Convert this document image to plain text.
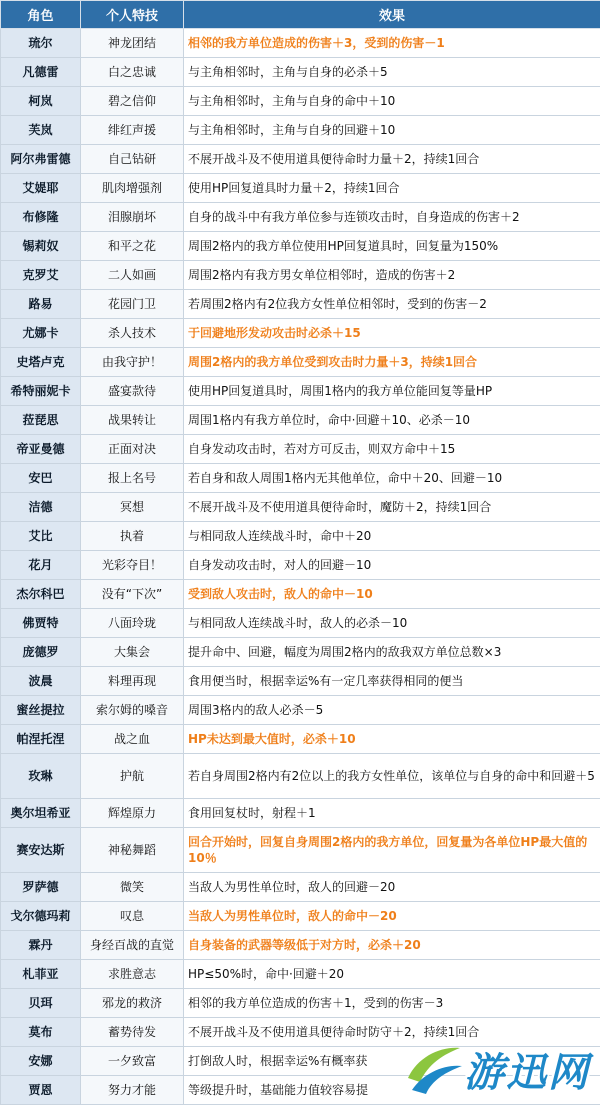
角色	个人特技	效果
琉尔	神龙团结	相邻的我方单位造成的伤害＋3，受到的伤害－1
凡德雷	白之忠诚	与主角相邻时，主角与自身的必杀＋5
柯岚	碧之信仰	与主角相邻时，主角与自身的命中＋10
芙岚	绯红声援	与主角相邻时，主角与自身的回避＋10
阿尔弗雷德	自己钻研	不展开战斗及不使用道具便待命时力量＋2，持续1回合
艾媞耶	肌肉增强剂	使用HP回复道具时力量＋2，持续1回合
布修隆	泪腺崩坏	自身的战斗中有我方单位参与连锁攻击时，自身造成的伤害＋2
锡莉奴	和平之花	周围2格内的我方单位使用HP回复道具时，回复量为150%
克罗艾	二人如画	周围2格内有我方男女单位相邻时，造成的伤害＋2
路易	花园门卫	若周围2格内有2位我方女性单位相邻时，受到的伤害－2
尤娜卡	杀人技术	于回避地形发动攻击时必杀＋15
史塔卢克	由我守护！	周围2格内的我方单位受到攻击时力量＋3，持续1回合
希特丽妮卡	盛宴款待	使用HP回复道具时，周围1格内的我方单位能回复等量HP
菈琵思	战果转让	周围1格内有我方单位时，命中·回避＋10、必杀－10
帝亚曼德	正面对决	自身发动攻击时，若对方可反击，则双方命中＋15
安巴	报上名号	若自身和敌人周围1格内无其他单位，命中＋20、回避－10
洁德	冥想	不展开战斗及不使用道具便待命时，魔防＋2，持续1回合
艾比	执着	与相同敌人连续战斗时，命中＋20
花月	光彩夺目！	自身发动攻击时，对人的回避－10
杰尔科巴	没有“下次”	受到敌人攻击时，敌人的命中－10
佛贾特	八面玲珑	与相同敌人连续战斗时，敌人的必杀－10
庞德罗	大集会	提升命中、回避，幅度为周围2格内的敌我双方单位总数×3
波晨	料理再现	食用便当时，根据幸运%有一定几率获得相同的便当
蜜丝提拉	索尔姆的嗓音	周围3格内的敌人必杀－5
帕涅托涅	战之血	HP未达到最大值时，必杀＋10
玫琳	护航	若自身周围2格内有2位以上的我方女性单位，该单位与自身的命中和回避＋5
奥尔坦希亚	辉煌原力	食用回复杖时，射程＋1
赛安达斯	神秘舞蹈	回合开始时，回复自身周围2格内的我方单位，回复量为各单位HP最大值的10％
罗萨德	微笑	当敌人为男性单位时，敌人的回避－20
戈尔德玛莉	叹息	当敌人为男性单位时，敌人的命中－20
霖丹	身经百战的直觉	自身装备的武器等级低于对方时，必杀＋20
札菲亚	求胜意志	HP≤50%时，命中·回避＋20
贝珥	邪龙的救济	相邻的我方单位造成的伤害＋1，受到的伤害－3
莫布	蓄势待发	不展开战斗及不使用道具便待命时防守＋2，持续1回合
安娜	一夕致富	打倒敌人时，根据幸运%有概率获
贾恩	努力才能	等级提升时，基础能力值较容易提 游迅网
